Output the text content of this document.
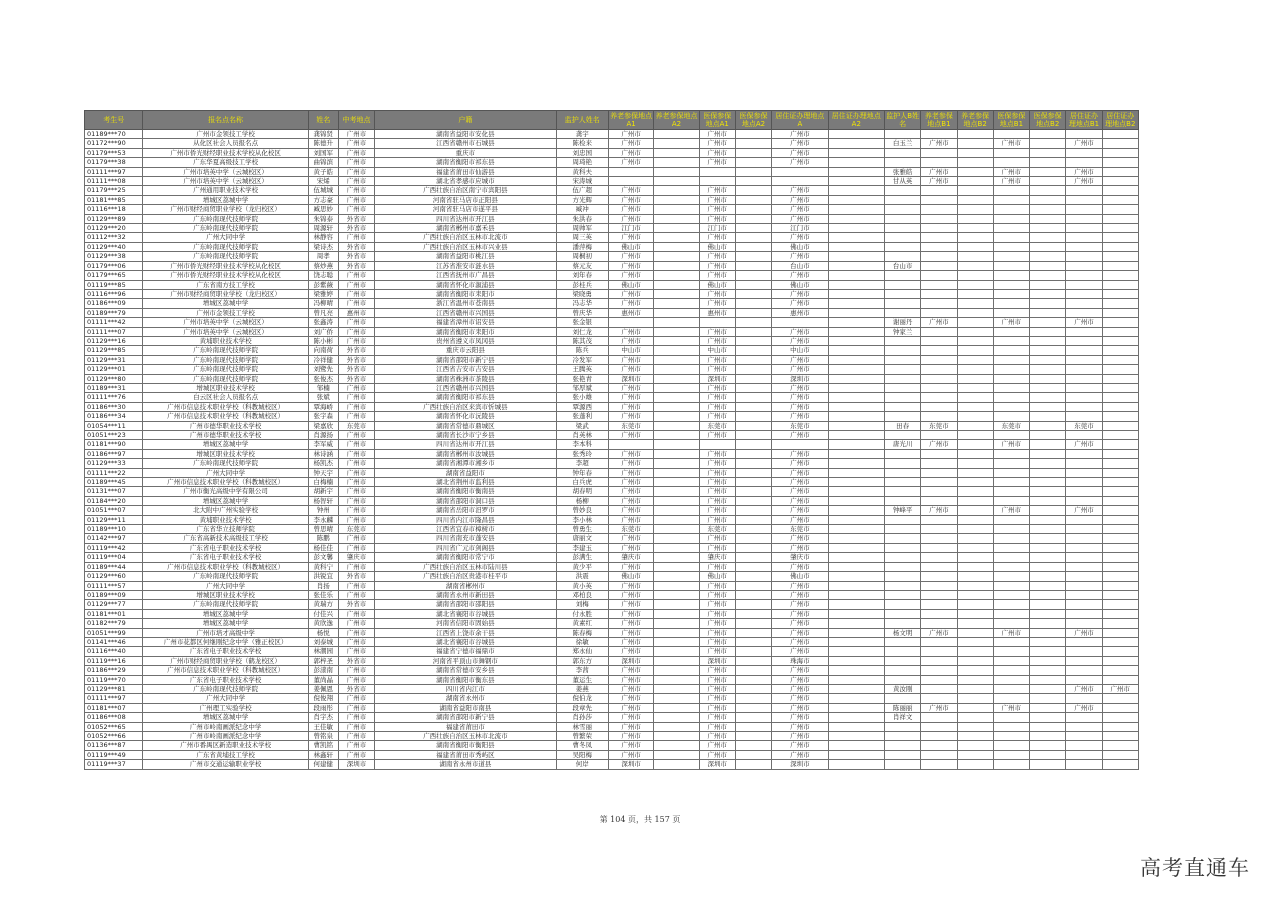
考生号	报名点名称	姓名	中考地点	户籍	监护人姓名	养老参保地点A1	养老参保地点A2	医保参保地点A1	医保参保地点A2	居住证办理地点A	居住证办理地点A2	监护人B姓名	养老参保地点B1	养老参保地点B2	医保参保地点B1	医保参保地点B2	居住证办理地点B1	居住证办理地点B2
01189***70	广州市金领技工学校	龚锦贤	广州市	湖南省益阳市安化县	龚宇	广州市		广州市		广州市								
01172***90	从化区社会人员报名点	陈德升	广州市	江西省赣州市石城县	陈检来	广州市		广州市		广州市		白玉兰	广州市		广州市		广州市	
01179***53	广州市侨光财经职业技术学校从化校区	刘国军	广州市	重庆市	刘忠国	广州市		广州市		广州市								
01179***38	广东华夏高级技工学校	曲锦滨	广州市	湖南省衡阳市祁东县	周琦艳	广州市		广州市		广州市								
01111***97	广州市培英中学（云城校区）	黄子皓	广州市	福建省莆田市仙游县	黄科夫							张雅皓	广州市		广州市		广州市	
01111***08	广州市培英中学（云城校区）	宋烯	广州市	湖北省孝感市应城市	宋涛城							甘从英	广州市		广州市		广州市	
01179***25	广州通用职业技术学校	伍城城	广州市	广西壮族自治区南宁市宾阳县	伍广超	广州市		广州市		广州市								
01181***85	增城区荔城中学	方志豪	广州市	河南省驻马店市正阳县	方光辉	广州市		广州市		广州市								
01116***18	广州市财经商贸职业学校（龙归校区）	臧思妙	广州市	河南省驻马店市遂平县	臧冲	广州市		广州市		广州市								
01129***89	广东岭南现代技师学院	朱锦泰	外省市	四川省达州市开江县	朱洪春	广州市		广州市		广州市								
01129***20	广东岭南现代技师学院	周源轩	外省市	湖南省郴州市嘉禾县	周帅军	江门市		江门市		江门市								
01112***32	广州大同中学	林静容	广州市	广西壮族自治区玉林市北流市	周三英	广州市		广州市		广州市								
01129***40	广东岭南现代技师学院	梁诗杰	外省市	广西壮族自治区玉林市兴业县	潘萍梅	佛山市		佛山市		佛山市								
01129***38	广东岭南现代技师学院	周孝	外省市	湖南省益阳市桃江县	周桐初	广州市		广州市		广州市								
01179***06	广州市侨光财经职业技术学校从化校区	蔡炒燕	外省市	江苏省淮安市涟水县	蔡元友	广州市		广州市		台山市		台山市						
01179***65	广州市侨光财经职业技术学校从化校区	饶志聪	广州市	江西省抚州市广昌县	刘年春	广州市		广州市		广州市								
01119***85	广东省南方技工学校	彭紫薇	广州市	湖南省怀化市溆浦县	彭桂兵	佛山市		佛山市		佛山市								
01116***96	广州市财经商贸职业学校（龙归校区）	梁雅婷	广州市	湖南省衡阳市耒阳市	梁晓勇	广州市		广州市		广州市								
01186***09	增城区荔城中学	冯柳晴	广州市	浙江省温州市苍南县	冯志华	广州市		广州市		广州市								
01189***79	广州市金领技工学校	曾凡亮	惠州市	江西省赣州市兴国县	曾庆华	惠州市		惠州市		惠州市								
01111***42	广州市培英中学（云城校区）	张鑫涛	广州市	福建省漳州市诏安县	张金银							谢丽丹	广州市		广州市		广州市	
01111***07	广州市培英中学（云城校区）	刘广侨	广州市	湖南省衡阳市耒阳市	刘仁龙	广州市		广州市		广州市		钟家兰						
01129***16	黄埔职业技术学校	陈小彬	广州市	贵州省遵义市凤冈县	陈其茂	广州市		广州市		广州市								
01129***85	广东岭南现代技师学院	向南荷	外省市	重庆市云阳县	陈兵	中山市		中山市		中山市								
01129***31	广东岭南现代技师学院	冷祥健	外省市	湖南省邵阳市新宁县	冷发军	广州市		广州市		广州市								
01129***01	广东岭南现代技师学院	刘鹭先	外省市	江西省吉安市吉安县	王腾英	广州市		广州市		广州市								
01129***80	广东岭南现代技师学院	张俊杰	外省市	湖南省株洲市茶陵县	张艳青	深圳市		深圳市		深圳市								
01189***31	增城区职业技术学校	邹楠	广州市	江西省赣州市兴国县	邹厚斌	广州市		广州市		广州市								
01111***76	白云区社会人员报名点	张斌	广州市	湖南省衡阳市祁东县	张小雄	广州市		广州市		广州市								
01186***30	广州市信息技术职业学校（科教城校区）	覃海峤	广州市	广西壮族自治区来宾市忻城县	覃源西	广州市		广州市		广州市								
01186***34	广州市信息技术职业学校（科教城校区）	张宇森	广州市	湖南省怀化市沅陵县	张蓬利	广州市		广州市		广州市								
01054***11	广州市德华职业技术学校	梁嘉欣	东莞市	湖南省常德市鼎城区	梁武	东莞市		东莞市		东莞市		田春	东莞市		东莞市		东莞市	
01051***23	广州市德华职业技术学校	肖源扬	广州市	湖南省长沙市宁乡县	肖英林	广州市		广州市		广州市								
01181***90	增城区荔城中学	李军威	广州市	四川省达州市开江县	李本科							唐光川	广州市		广州市		广州市	
01186***97	增城区职业技术学校	林诗涵	广州市	湖南省郴州市汝城县	张秀玲	广州市		广州市		广州市								
01129***33	广东岭南现代技师学院	杨凯杰	广州市	湖南省湘潭市湘乡市	李超	广州市		广州市		广州市								
01111***22	广州大同中学	钟天宇	广州市	湖南省益阳市	钟年春	广州市		广州市		广州市								
01189***45	广州市信息技术职业学校（科教城校区）	白梅楠	广州市	湖北省荆州市监利县	白兵虎	广州市		广州市		广州市								
01131***07	广州市衡光高级中学有限公司	胡新宇	广州市	湖南省衡阳市衡南县	胡春明	广州市		广州市		广州市								
01184***20	增城区荔城中学	杨智轩	广州市	湖南省邵阳市洞口县	杨柳	广州市		广州市		广州市								
01051***07	北大附中广州实验学校	钟州	广州市	湖南省岳阳市汨罗市	曾妙良	广州市		广州市		广州市		钟峰平	广州市		广州市		广州市	
01129***11	黄埔职业技术学校	李永麟	广州市	四川省内江市隆昌县	李小林	广州市		广州市		广州市								
01189***10	广东省华立技师学院	曾思晴	东莞市	江西省宜春市樟树市	曾勇生	东莞市		东莞市		东莞市								
01142***97	广东省高新技术高级技工学校	陈鹏	广州市	四川省南充市蓬安县	唐丽文	广州市		广州市		广州市								
01119***42	广东省电子职业技术学校	杨佳佳	广州市	四川省广元市剑阁县	李建玉	广州市		广州市		广州市								
01119***04	广东省电子职业技术学校	彭文馨	肇庆市	湖南省衡阳市常宁市	彭满生	肇庆市		肇庆市		肇庆市								
01189***44	广州市信息技术职业学校（科教城校区）	黄科宁	广州市	广西壮族自治区玉林市陆川县	黄少平	广州市		广州市		广州市								
01129***60	广东岭南现代技师学院	洪锐宜	外省市	广西壮族自治区贵港市桂平市	洪震	佛山市		佛山市		佛山市								
01111***57	广州大同中学	肖扬	广州市	湖南省郴州市	黄小英	广州市		广州市		广州市								
01189***09	增城区职业技术学校	张佳乐	广州市	湖南省永州市新田县	邓柏良	广州市		广州市		广州市								
01129***77	广东岭南现代技师学院	黄瑞方	外省市	湖南省邵阳市邵阳县	刘梅	广州市		广州市		广州市								
01181***01	增城区荔城中学	付佳兴	广州市	湖北省襄阳市谷城县	付永胜	广州市		广州市		广州市								
01182***79	增城区荔城中学	黄欣逸	广州市	河南省信阳市固始县	黄素红	广州市		广州市		广州市								
01051***99	广州市培才高级中学	杨悦	广州市	江西省上饶市余干县	陈春梅	广州市		广州市		广州市		杨文明	广州市		广州市		广州市	
01141***46	广州市花都区何继刚纪念中学（雅正校区）	刘泰城	广州市	湖北省襄阳市谷城县	徐敏	广州市		广州市		广州市								
01116***40	广东省电子职业技术学校	林潮园	广州市	福建省宁德市福鼎市	郑永仙	广州市		广州市		广州市								
01119***16	广州市财经商贸职业学校（鹤龙校区）	郭梓圣	外省市	河南省平顶山市舞钢市	郭东方	深圳市		深圳市		珠海市								
01186***29	广州市信息技术职业学校（科教城校区）	彭漾南	广州市	湖南省常德市安乡县	李茜	广州市		广州市		广州市								
01119***70	广东省电子职业技术学校	董尚晶	广州市	湖南省衡阳市衡东县	董运生	广州市		广州市		广州市								
01129***81	广东岭南现代技师学院	姜佩恩	外省市	四川省内江市	姜燕	广州市		广州市		广州市		黄汝刚					广州市	广州市
01111***97	广州大同中学	倪俊翔	广州市	湖南省永州市	倪伯龙	广州市		广州市		广州市								
01181***07	广州理工实验学校	段雨彤	广州市	湖南省益阳市南县	段章先	广州市		广州市		广州市		陈丽丽	广州市		广州市		广州市	
01186***08	增城区荔城中学	肖宇杰	广州市	湖南省邵阳市新宁县	肖孙莎	广州市		广州市		广州市		肖祥文						
01052***65	广州市岭南画派纪念中学	王佳敏	广州市	福建省莆田市	林雪丽	广州市		广州市		广州市								
01052***66	广州市岭南画派纪念中学	曾铭泉	广州市	广西壮族自治区玉林市北流市	曾繁荣	广州市		广州市		广州市								
01136***87	广州市番禺区新造职业技术学校	曹凯铭	广州市	湖南省衡阳市衡阳县	曹冬凤	广州市		广州市		广州市								
01119***49	广东省黄埔技工学校	林鑫轩	广州市	福建省莆田市秀屿区	吴阳梅	广州市		广州市		广州市								
01119***37	广州市交通运输职业学校	何建健	深圳市	湖南省永州市道县	何岸	深圳市		深圳市		深圳市								
第 104 页，共 157 页
高考直通车
